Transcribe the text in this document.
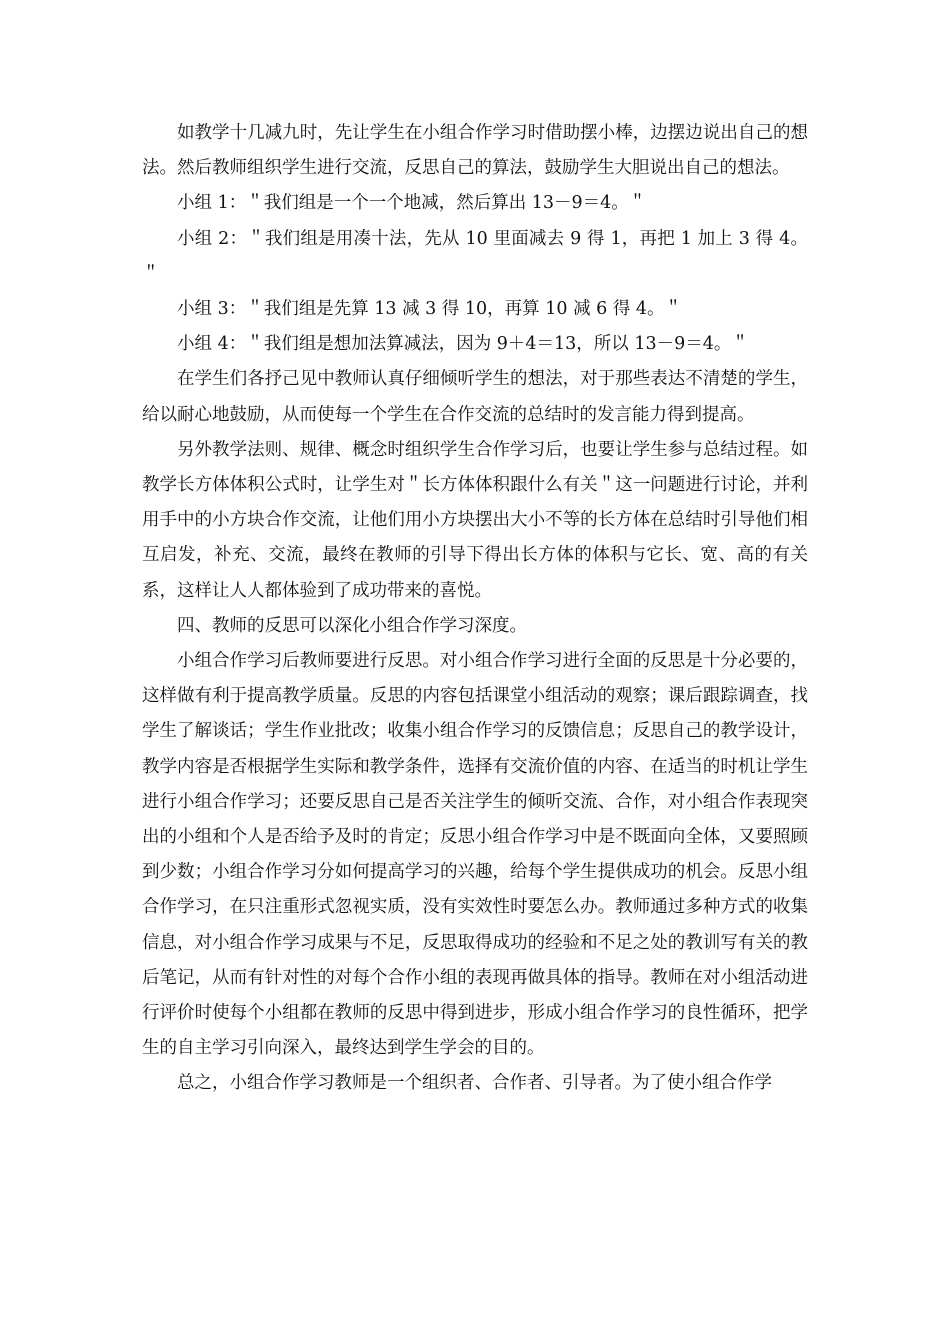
如教学十几减九时，先让学生在小组合作学习时借助摆小棒，边摆边说出自己的想法。然后教师组织学生进行交流，反思自己的算法，鼓励学生大胆说出自己的想法。

小组 1：＂我们组是一个一个地减，然后算出 13－9＝4。＂

小组 2：＂我们组是用凑十法，先从 10 里面减去 9 得 1，再把 1 加上 3 得 4。＂

小组 3：＂我们组是先算 13 减 3 得 10，再算 10 减 6 得 4。＂

小组 4：＂我们组是想加法算减法，因为 9＋4＝13，所以 13－9＝4。＂

在学生们各抒己见中教师认真仔细倾听学生的想法，对于那些表达不清楚的学生，给以耐心地鼓励，从而使每一个学生在合作交流的总结时的发言能力得到提高。

另外教学法则、规律、概念时组织学生合作学习后，也要让学生参与总结过程。如教学长方体体积公式时，让学生对＂长方体体积跟什么有关＂这一问题进行讨论，并利用手中的小方块合作交流，让他们用小方块摆出大小不等的长方体在总结时引导他们相互启发，补充、交流，最终在教师的引导下得出长方体的体积与它长、宽、高的有关系，这样让人人都体验到了成功带来的喜悦。

四、教师的反思可以深化小组合作学习深度。

小组合作学习后教师要进行反思。对小组合作学习进行全面的反思是十分必要的，这样做有利于提高教学质量。反思的内容包括课堂小组活动的观察；课后跟踪调查，找学生了解谈话；学生作业批改；收集小组合作学习的反馈信息；反思自己的教学设计，教学内容是否根据学生实际和教学条件，选择有交流价值的内容、在适当的时机让学生进行小组合作学习；还要反思自己是否关注学生的倾听交流、合作，对小组合作表现突出的小组和个人是否给予及时的肯定；反思小组合作学习中是不既面向全体，又要照顾到少数；小组合作学习分如何提高学习的兴趣，给每个学生提供成功的机会。反思小组合作学习，在只注重形式忽视实质，没有实效性时要怎么办。教师通过多种方式的收集信息，对小组合作学习成果与不足，反思取得成功的经验和不足之处的教训写有关的教后笔记，从而有针对性的对每个合作小组的表现再做具体的指导。教师在对小组活动进行评价时使每个小组都在教师的反思中得到进步，形成小组合作学习的良性循环，把学生的自主学习引向深入，最终达到学生学会的目的。

总之，小组合作学习教师是一个组织者、合作者、引导者。为了使小组合作学
